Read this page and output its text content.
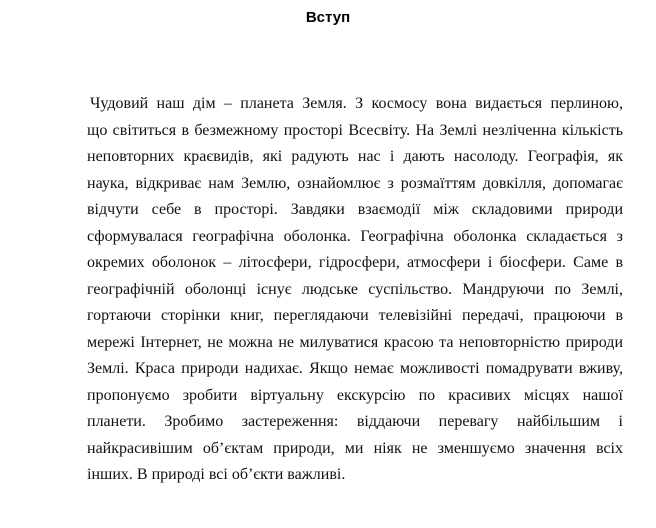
Вступ
Чудовий наш дім – планета Земля. З космосу вона видається перлиною,
що світиться в безмежному просторі Всесвіту. На Землі незліченна кількість
неповторних краєвидів, які радують нас і дають насолоду. Географія, як
наука, відкриває нам Землю, ознайомлює з розмаїттям довкілля, допомагає
відчути себе в просторі. Завдяки взаємодії між складовими природи
сформувалася географічна оболонка. Географічна оболонка складається з
окремих оболонок – літосфери, гідросфери, атмосфери і біосфери. Саме в
географічній оболонці існує людське суспільство. Мандруючи по Землі,
гортаючи сторінки книг, переглядаючи телевізійні передачі, працюючи в
мережі Інтернет, не можна не милуватися красою та неповторністю природи
Землі. Краса природи надихає. Якщо немає можливості помадрувати вживу,
пропонуємо зробити віртуальну екскурсію по красивих місцях нашої
планети. Зробимо застереження: віддаючи перевагу найбільшим і
найкрасивішим об’єктам природи, ми ніяк не зменшуємо значення всіх
інших. В природі всі об’єкти важливі.
